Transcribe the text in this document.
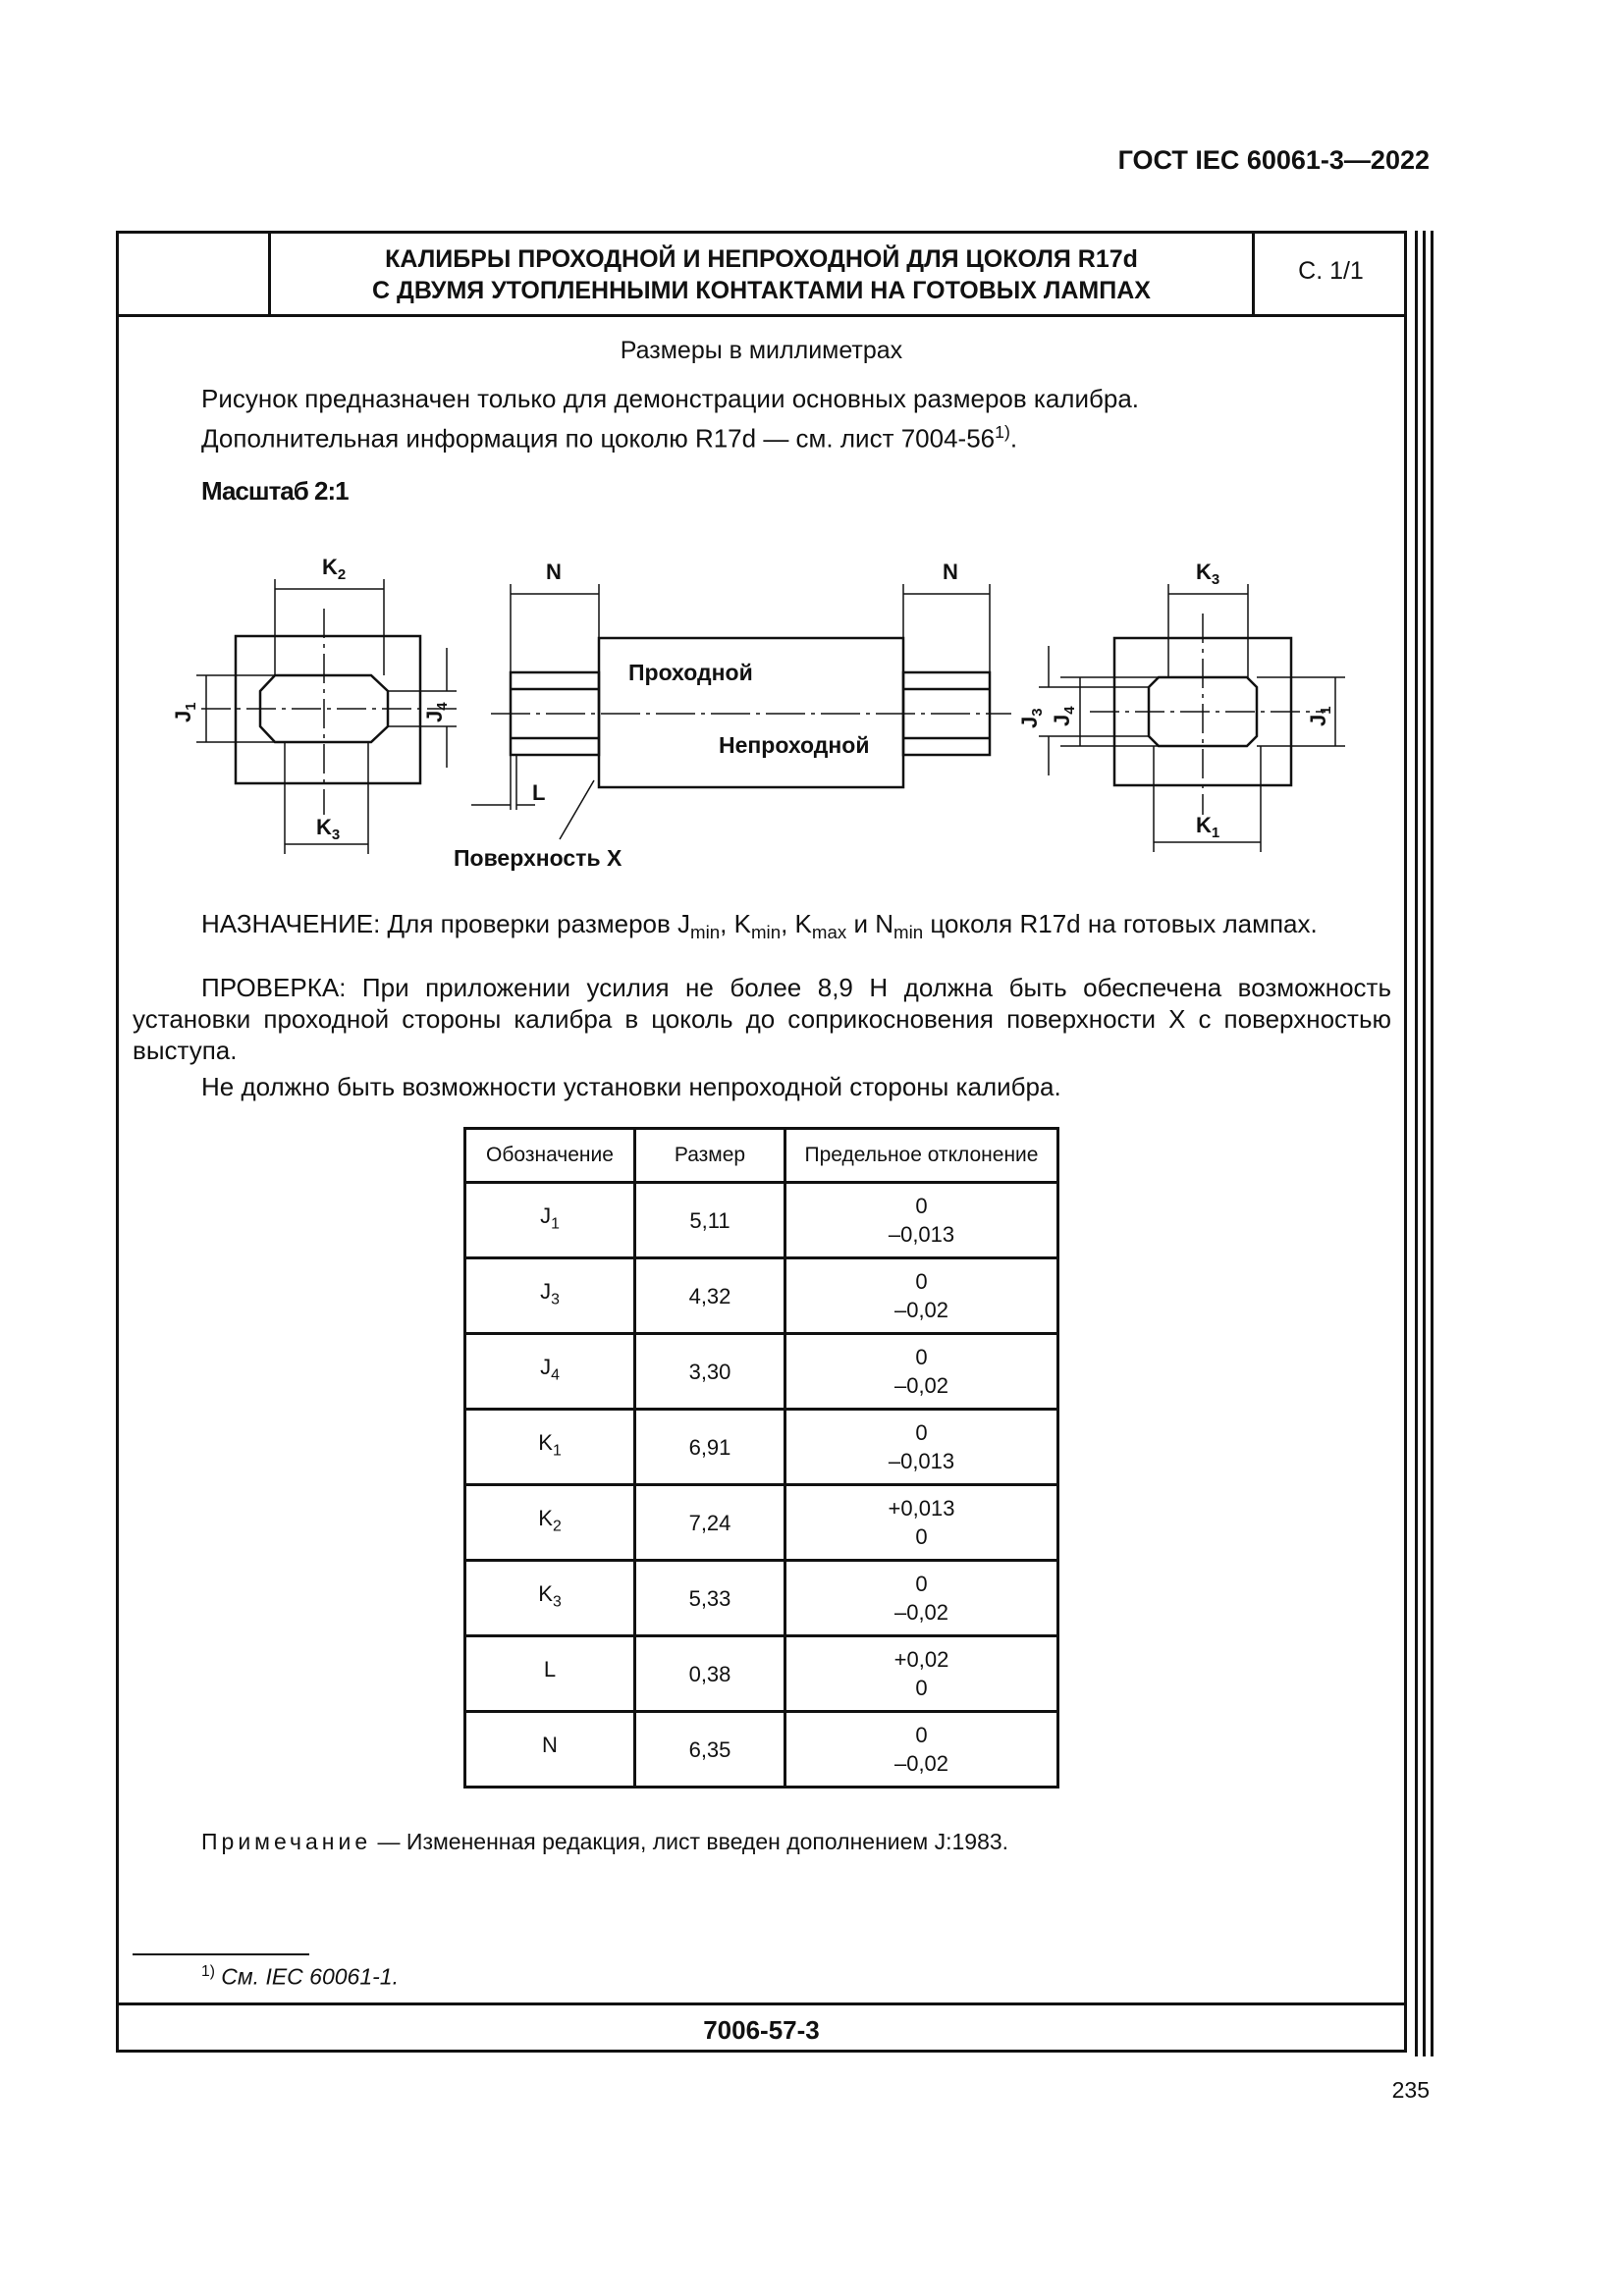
ГОСТ IEC 60061-3—2022
КАЛИБРЫ ПРОХОДНОЙ И НЕПРОХОДНОЙ ДЛЯ ЦОКОЛЯ R17d
С ДВУМЯ УТОПЛЕННЫМИ КОНТАКТАМИ НА ГОТОВЫХ ЛАМПАХ
С. 1/1
Размеры в миллиметрах
Рисунок предназначен только для демонстрации основных размеров калибра.
Дополнительная информация по цоколю R17d — см. лист 7004-56$^{1)}$.
Масштаб 2:1
$K_2$
$K_3$
N	N
L
$K_3$
$K_1$
$J_1$
$J_4$
$J_3$
$J_4$
$J_1$
Проходной
Непроходной
Поверхность X
НАЗНАЧЕНИЕ: Для проверки размеров $J_{min}$, $K_{min}$, $K_{max}$ и $N_{min}$ цоколя R17d на готовых лампах.
ПРОВЕРКА: При приложении усилия не более 8,9 Н должна быть обеспечена возможность установки проходной стороны калибра в цоколь до соприкосновения поверхности X с поверхностью выступа.
Не должно быть возможности установки непроходной стороны калибра.
Обозначение	Размер	Предельное отклонение
$J_1$	5,11	0
–0,013

$J_3$	4,32	0
–0,02

$J_4$	3,30	0
–0,02

$K_1$	6,91	0
–0,013

$K_2$	7,24	+0,013
0

$K_3$	5,33	0
–0,02

L	0,38	+0,02
0

N	6,35	0
–0,02
Примечание — Измененная редакция, лист введен дополнением J:1983.
$^{1)}$ См. IEC 60061-1.
7006-57-3
235
